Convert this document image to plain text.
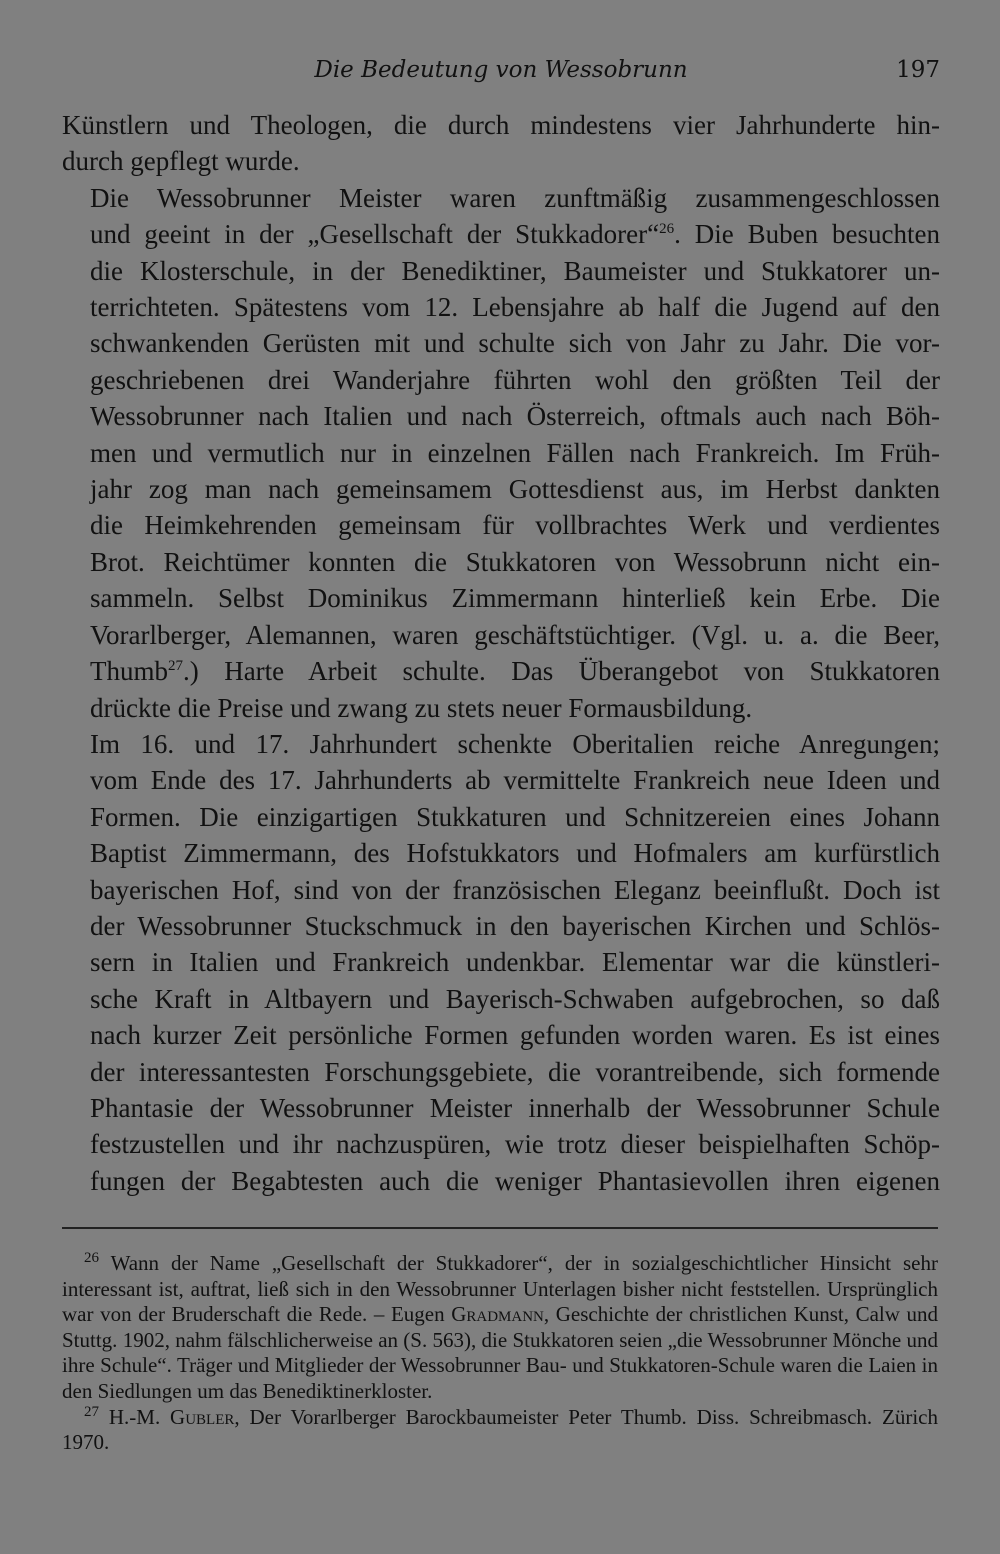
Die Bedeutung von Wessobrunn	197

Künstlern und Theologen, die durch mindestens vier Jahrhunderte hin-
durch gepflegt wurde.

Die Wessobrunner Meister waren zunftmäßig zusammengeschlossen
und geeint in der „Gesellschaft der Stukkadorer“$^{26}$. Die Buben besuchten
die Klosterschule, in der Benediktiner, Baumeister und Stukkatorer un-
terrichteten. Spätestens vom 12. Lebensjahre ab half die Jugend auf den
schwankenden Gerüsten mit und schulte sich von Jahr zu Jahr. Die vor-
geschriebenen drei Wanderjahre führten wohl den größten Teil der
Wessobrunner nach Italien und nach Österreich, oftmals auch nach Böh-
men und vermutlich nur in einzelnen Fällen nach Frankreich. Im Früh-
jahr zog man nach gemeinsamem Gottesdienst aus, im Herbst dankten
die Heimkehrenden gemeinsam für vollbrachtes Werk und verdientes
Brot. Reichtümer konnten die Stukkatoren von Wessobrunn nicht ein-
sammeln. Selbst Dominikus Zimmermann hinterließ kein Erbe. Die
Vorarlberger, Alemannen, waren geschäftstüchtiger. (Vgl. u. a. die Beer,
Thumb$^{27}$.) Harte Arbeit schulte. Das Überangebot von Stukkatoren
drückte die Preise und zwang zu stets neuer Formausbildung.

Im 16. und 17. Jahrhundert schenkte Oberitalien reiche Anregungen;
vom Ende des 17. Jahrhunderts ab vermittelte Frankreich neue Ideen und
Formen. Die einzigartigen Stukkaturen und Schnitzereien eines Johann
Baptist Zimmermann, des Hofstukkators und Hofmalers am kurfürstlich
bayerischen Hof, sind von der französischen Eleganz beeinflußt. Doch ist
der Wessobrunner Stuckschmuck in den bayerischen Kirchen und Schlös-
sern in Italien und Frankreich undenkbar. Elementar war die künstleri-
sche Kraft in Altbayern und Bayerisch-Schwaben aufgebrochen, so daß
nach kurzer Zeit persönliche Formen gefunden worden waren. Es ist eines
der interessantesten Forschungsgebiete, die vorantreibende, sich formende
Phantasie der Wessobrunner Meister innerhalb der Wessobrunner Schule
festzustellen und ihr nachzuspüren, wie trotz dieser beispielhaften Schöp-
fungen der Begabtesten auch die weniger Phantasievollen ihren eigenen

$^{26}$ Wann der Name „Gesellschaft der Stukkadorer“, der in sozialgeschichtlicher Hinsicht sehr interessant ist, auftrat, ließ sich in den Wessobrunner Unterlagen bisher nicht feststellen. Ursprünglich war von der Bruderschaft die Rede. – Eugen Gradmann, Geschichte der christlichen Kunst, Calw und Stuttg. 1902, nahm fälschlicherweise an (S. 563), die Stukkatoren seien „die Wessobrunner Mönche und ihre Schule“. Träger und Mitglieder der Wessobrunner Bau- und Stukkatoren-Schule waren die Laien in den Siedlungen um das Benediktinerkloster.

$^{27}$ H.-M. Gubler, Der Vorarlberger Barockbaumeister Peter Thumb. Diss. Schreibmasch. Zürich 1970.
